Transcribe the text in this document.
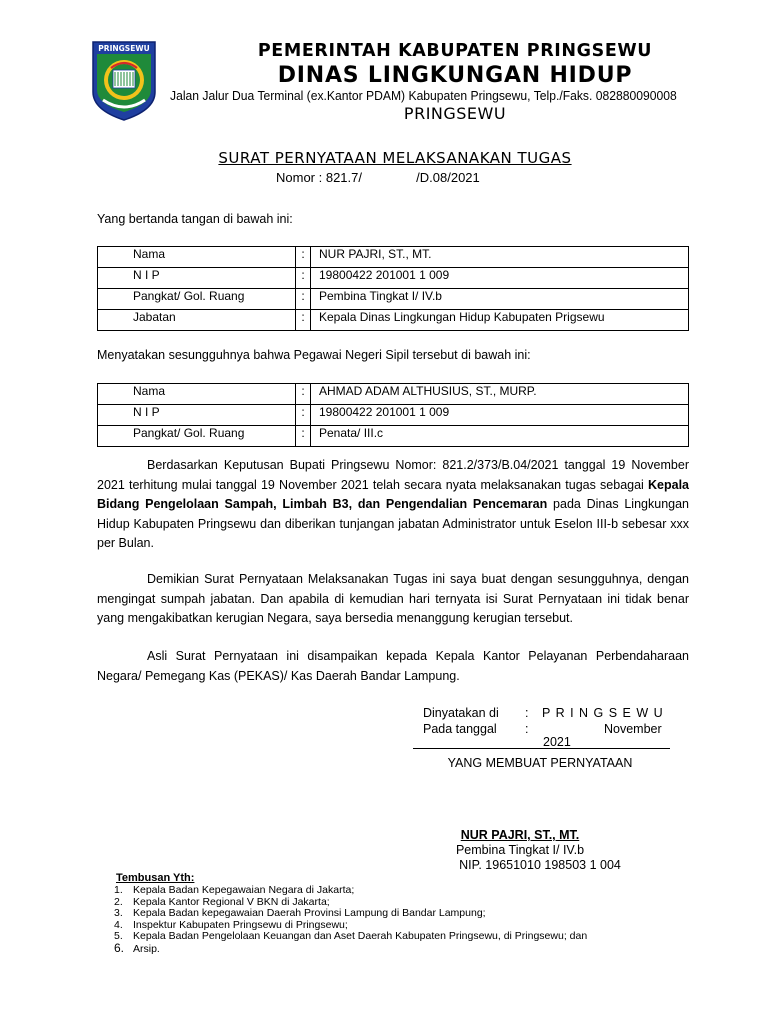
PRINGSEWU	PEMERINTAH KABUPATEN PRINGSEWU
DINAS LINGKUNGAN HIDUP
Jalan Jalur Dua Terminal (ex.Kantor PDAM) Kabupaten Pringsewu, Telp./Faks. 082880090008
PRINGSEWU
SURAT PERNYATAAN MELAKSANAKAN TUGAS
Nomor : 821.7/               /D.08/2021
Yang bertanda tangan di bawah ini:
Nama	:	NUR PAJRI, ST., MT.
N I P	:	19800422 201001 1 009
Pangkat/ Gol. Ruang	:	Pembina Tingkat I/ IV.b
Jabatan	:	Kepala Dinas Lingkungan Hidup Kabupaten Prigsewu
Menyatakan sesungguhnya bahwa Pegawai Negeri Sipil tersebut di bawah ini:
Nama	:	AHMAD ADAM ALTHUSIUS, ST., MURP.
N I P	:	19800422 201001 1 009
Pangkat/ Gol. Ruang	:	Penata/ III.c
Berdasarkan Keputusan Bupati Pringsewu Nomor: 821.2/373/B.04/2021 tanggal 19 November 2021 terhitung mulai tanggal 19 November 2021 telah secara nyata melaksanakan tugas sebagai Kepala Bidang Pengelolaan Sampah, Limbah B3, dan Pengendalian Pencemaran pada Dinas Lingkungan Hidup Kabupaten Pringsewu dan diberikan tunjangan jabatan Administrator untuk Eselon III-b sebesar xxx per Bulan.
Demikian Surat Pernyataan Melaksanakan Tugas ini saya buat dengan sesungguhnya, dengan mengingat sumpah jabatan. Dan apabila di kemudian hari ternyata isi Surat Pernyataan ini tidak benar yang mengakibatkan kerugian Negara, saya bersedia menanggung kerugian tersebut.
Asli Surat Pernyataan ini disampaikan kepada Kepala Kantor Pelayanan Perbendaharaan Negara/ Pemegang Kas (PEKAS)/ Kas Daerah Bandar Lampung.
Dinyatakan di : P R I N G S E W U
Pada tanggal :	November
2021
YANG MEMBUAT PERNYATAAN
NUR PAJRI, ST., MT.
Pembina Tingkat I/ IV.b
NIP. 19651010 198503 1 004
Tembusan Yth:
1. Kepala Badan Kepegawaian Negara di Jakarta;
2. Kepala Kantor Regional V BKN di Jakarta;
3. Kepala Badan kepegawaian Daerah Provinsi Lampung di Bandar Lampung;
4. Inspektur Kabupaten Pringsewu di Pringsewu;
5. Kepala Badan Pengelolaan Keuangan dan Aset Daerah Kabupaten Pringsewu, di Pringsewu; dan
6. Arsip.
